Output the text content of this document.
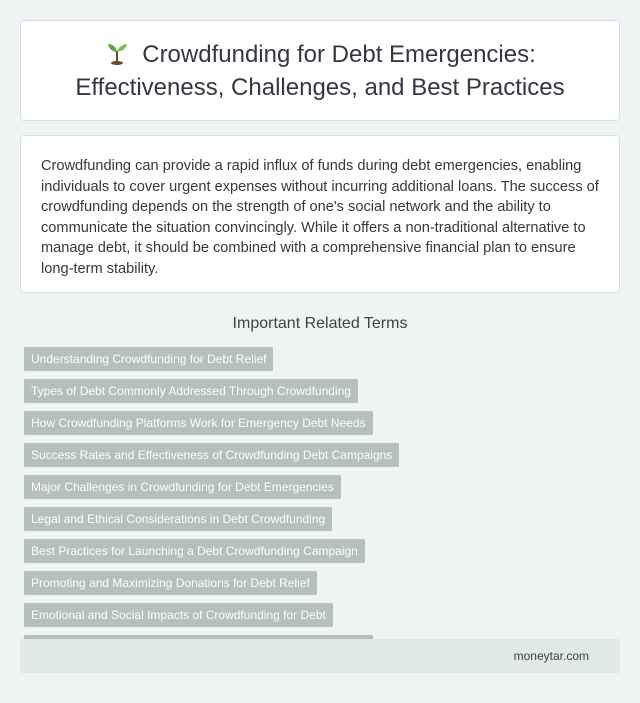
Crowdfunding for Debt Emergencies: Effectiveness, Challenges, and Best Practices

Crowdfunding can provide a rapid influx of funds during debt emergencies, enabling individuals to cover urgent expenses without incurring additional loans. The success of crowdfunding depends on the strength of one's social network and the ability to communicate the situation convincingly. While it offers a non-traditional alternative to manage debt, it should be combined with a comprehensive financial plan to ensure long-term stability.

Important Related Terms
Understanding Crowdfunding for Debt Relief
Types of Debt Commonly Addressed Through Crowdfunding
How Crowdfunding Platforms Work for Emergency Debt Needs
Success Rates and Effectiveness of Crowdfunding Debt Campaigns
Major Challenges in Crowdfunding for Debt Emergencies
Legal and Ethical Considerations in Debt Crowdfunding
Best Practices for Launching a Debt Crowdfunding Campaign
Promoting and Maximizing Donations for Debt Relief
Emotional and Social Impacts of Crowdfunding for Debt
moneytar.com
